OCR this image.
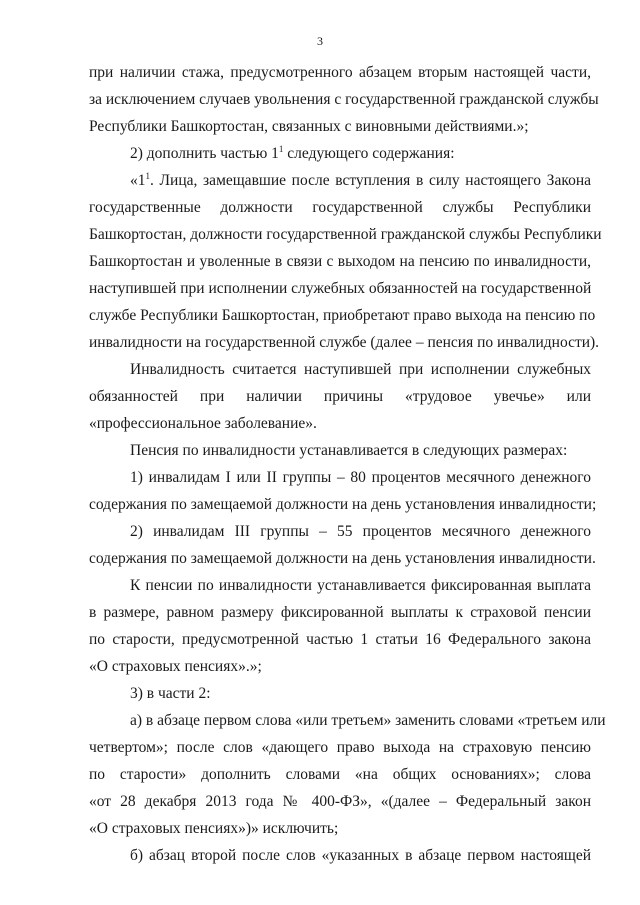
3
при наличии стажа, предусмотренного абзацем вторым настоящей части,
за исключением случаев увольнения с государственной гражданской службы
Республики Башкортостан, связанных с виновными действиями.»;
2) дополнить частью $1^1$ следующего содержания:
«$1^1$. Лица, замещавшие после вступления в силу настоящего Закона
государственные должности государственной службы Республики
Башкортостан, должности государственной гражданской службы Республики
Башкортостан и уволенные в связи с выходом на пенсию по инвалидности,
наступившей при исполнении служебных обязанностей на государственной
службе Республики Башкортостан, приобретают право выхода на пенсию по
инвалидности на государственной службе (далее – пенсия по инвалидности).
Инвалидность считается наступившей при исполнении служебных
обязанностей при наличии причины «трудовое увечье» или
«профессиональное заболевание».
Пенсия по инвалидности устанавливается в следующих размерах:
1) инвалидам I или II группы – 80 процентов месячного денежного
содержания по замещаемой должности на день установления инвалидности;
2) инвалидам III группы – 55 процентов месячного денежного
содержания по замещаемой должности на день установления инвалидности.
К пенсии по инвалидности устанавливается фиксированная выплата
в размере, равном размеру фиксированной выплаты к страховой пенсии
по старости, предусмотренной частью 1 статьи 16 Федерального закона
«О страховых пенсиях».»;
3) в части 2:
а) в абзаце первом слова «или третьем» заменить словами «третьем или
четвертом»; после слов «дающего право выхода на страховую пенсию
по старости» дополнить словами «на общих основаниях»; слова
«от 28 декабря 2013 года № 400-ФЗ», «(далее – Федеральный закон
«О страховых пенсиях»)» исключить;
б) абзац второй после слов «указанных в абзаце первом настоящей
